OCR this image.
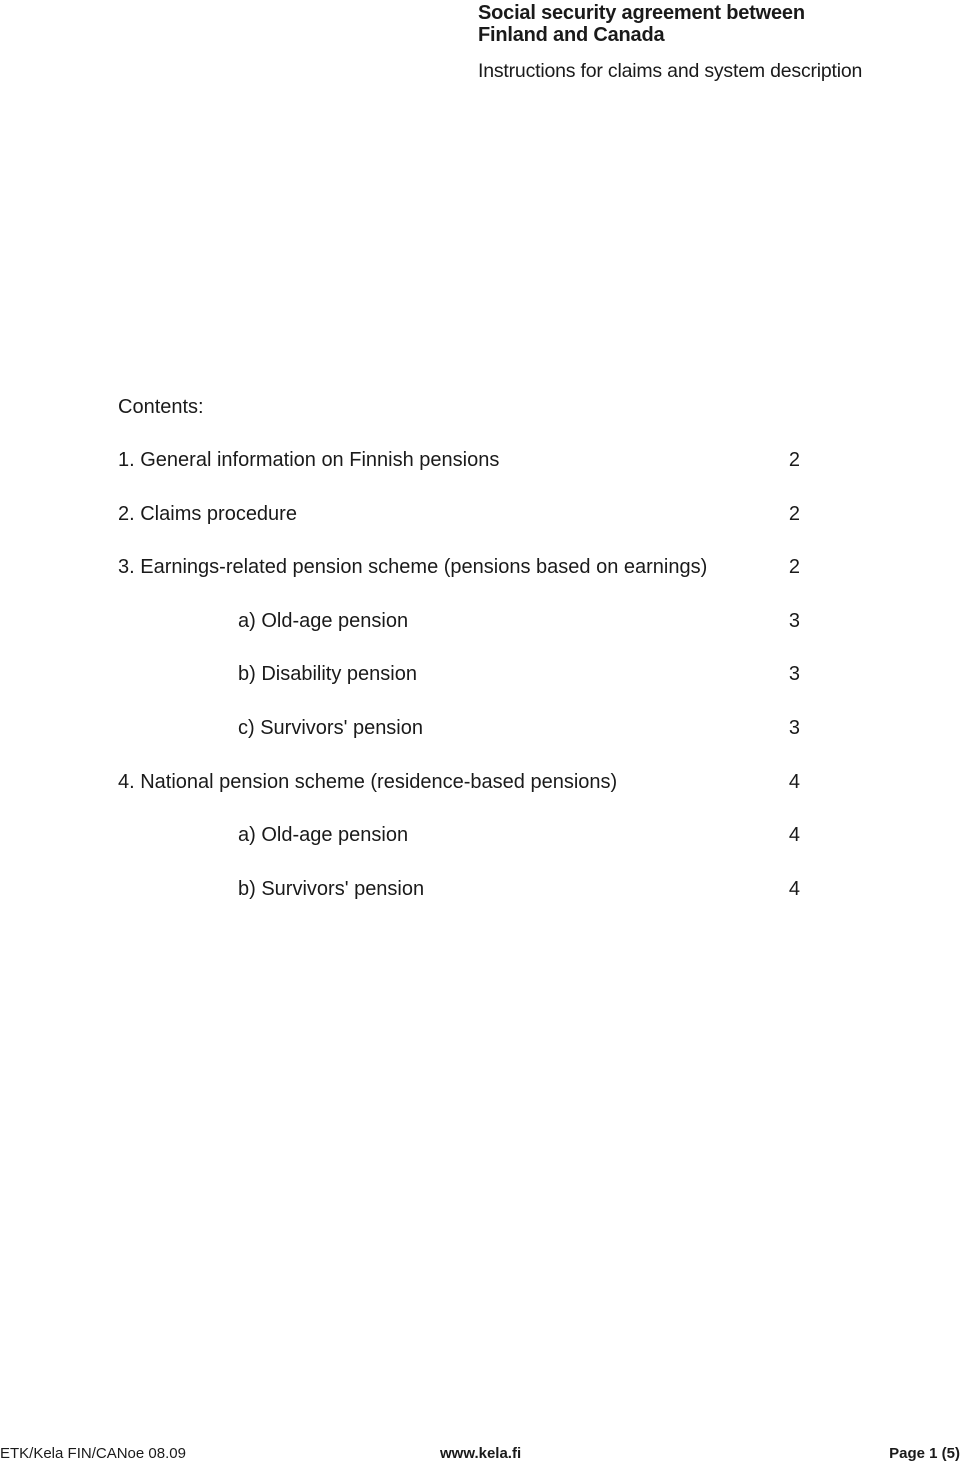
Social security agreement between
Finland and Canada
Instructions for claims and system description
Contents:
1. General information on Finnish pensions	2
2. Claims procedure	2
3. Earnings-related pension scheme (pensions based on earnings)	2
a) Old-age pension	3
b) Disability pension	3
c) Survivors' pension	3
4. National pension scheme (residence-based pensions)	4
a) Old-age pension	4
b) Survivors' pension	4
ETK/Kela FIN/CANoe 08.09	www.kela.fi	Page 1 (5)
